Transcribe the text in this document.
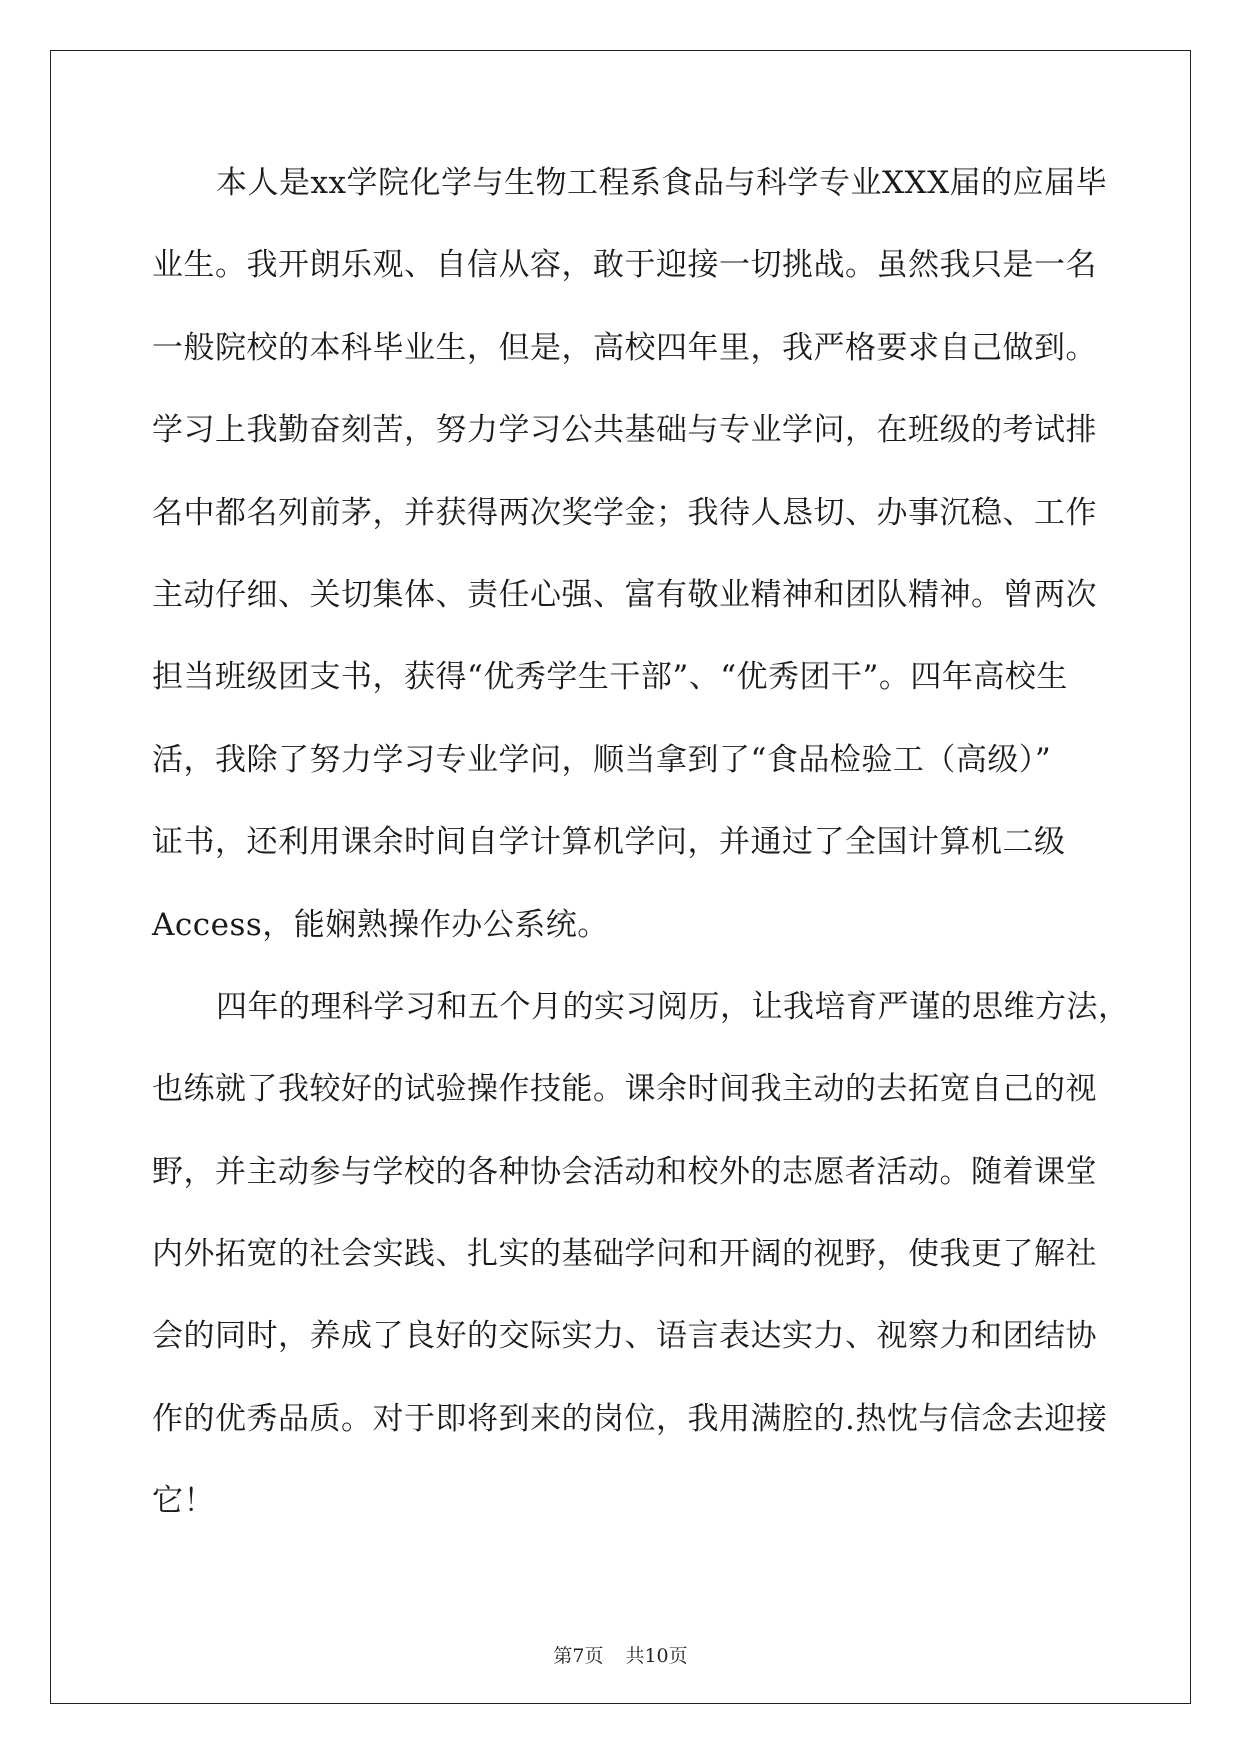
本人是xx学院化学与生物工程系食品与科学专业XXX届的应届毕
业生。我开朗乐观、自信从容，敢于迎接一切挑战。虽然我只是一名
一般院校的本科毕业生，但是，高校四年里，我严格要求自己做到。
学习上我勤奋刻苦，努力学习公共基础与专业学问，在班级的考试排
名中都名列前茅，并获得两次奖学金；我待人恳切、办事沉稳、工作
主动仔细、关切集体、责任心强、富有敬业精神和团队精神。曾两次
担当班级团支书，获得“优秀学生干部”、“优秀团干”。四年高校生
活，我除了努力学习专业学问，顺当拿到了“食品检验工（高级）”
证书，还利用课余时间自学计算机学问，并通过了全国计算机二级
Access，能娴熟操作办公系统。
四年的理科学习和五个月的实习阅历，让我培育严谨的思维方法，
也练就了我较好的试验操作技能。课余时间我主动的去拓宽自己的视
野，并主动参与学校的各种协会活动和校外的志愿者活动。随着课堂
内外拓宽的社会实践、扎实的基础学问和开阔的视野，使我更了解社
会的同时，养成了良好的交际实力、语言表达实力、视察力和团结协
作的优秀品质。对于即将到来的岗位，我用满腔的.热忱与信念去迎接
它！
第7页 共10页
